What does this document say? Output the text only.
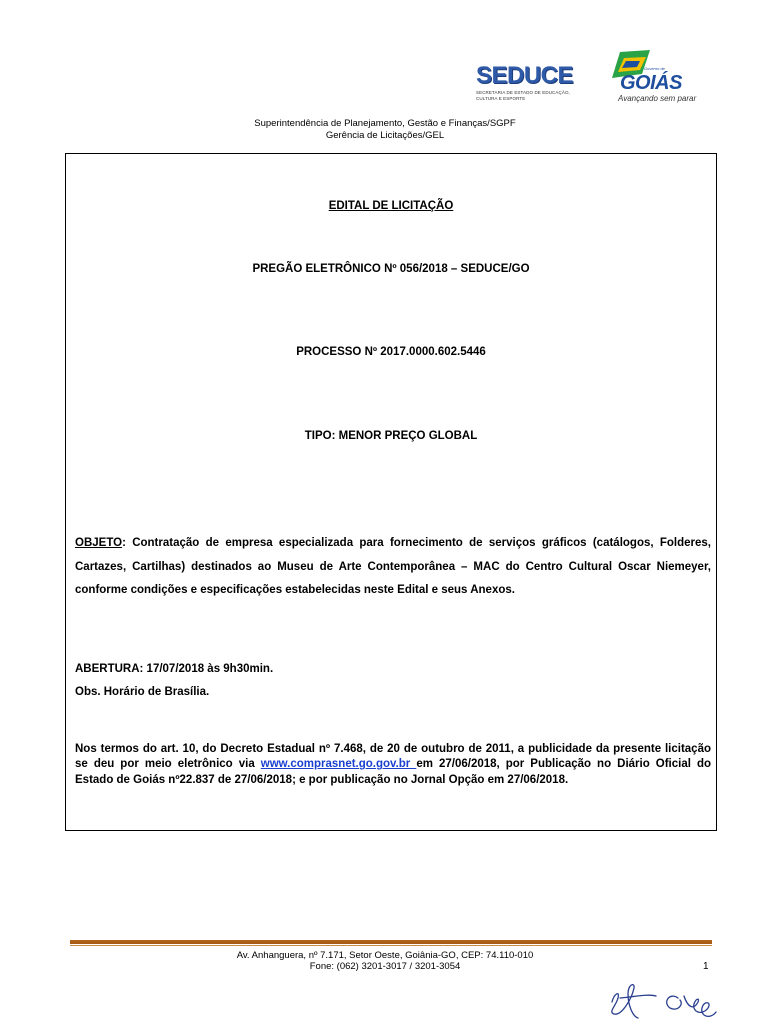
SEDUCE
SECRETARIA DE ESTADO DE EDUCAÇÃO, CULTURA E ESPORTE
Governo de
GOIÁS
Avançando sem parar
Superintendência de Planejamento, Gestão e Finanças/SGPF
Gerência de Licitações/GEL
EDITAL DE LICITAÇÃO
PREGÃO ELETRÔNICO Nº 056/2018 – SEDUCE/GO
PROCESSO Nº 2017.0000.602.5446
TIPO: MENOR PREÇO GLOBAL
OBJETO: Contratação de empresa especializada para fornecimento de serviços gráficos (catálogos, Folderes, Cartazes, Cartilhas) destinados ao Museu de Arte Contemporânea – MAC do Centro Cultural Oscar Niemeyer, conforme condições e especificações estabelecidas neste Edital e seus Anexos.
ABERTURA: 17/07/2018 às 9h30min.
Obs. Horário de Brasília.
Nos termos do art. 10, do Decreto Estadual nº 7.468, de 20 de outubro de 2011, a publicidade da presente licitação se deu por meio eletrônico via www.comprasnet.go.gov.br em 27/06/2018, por Publicação no Diário Oficial do Estado de Goiás nº22.837 de 27/06/2018; e por publicação no Jornal Opção em 27/06/2018.
Av. Anhanguera, nº 7.171, Setor Oeste, Goiânia-GO, CEP: 74.110-010
Fone: (062) 3201-3017 / 3201-3054	1
